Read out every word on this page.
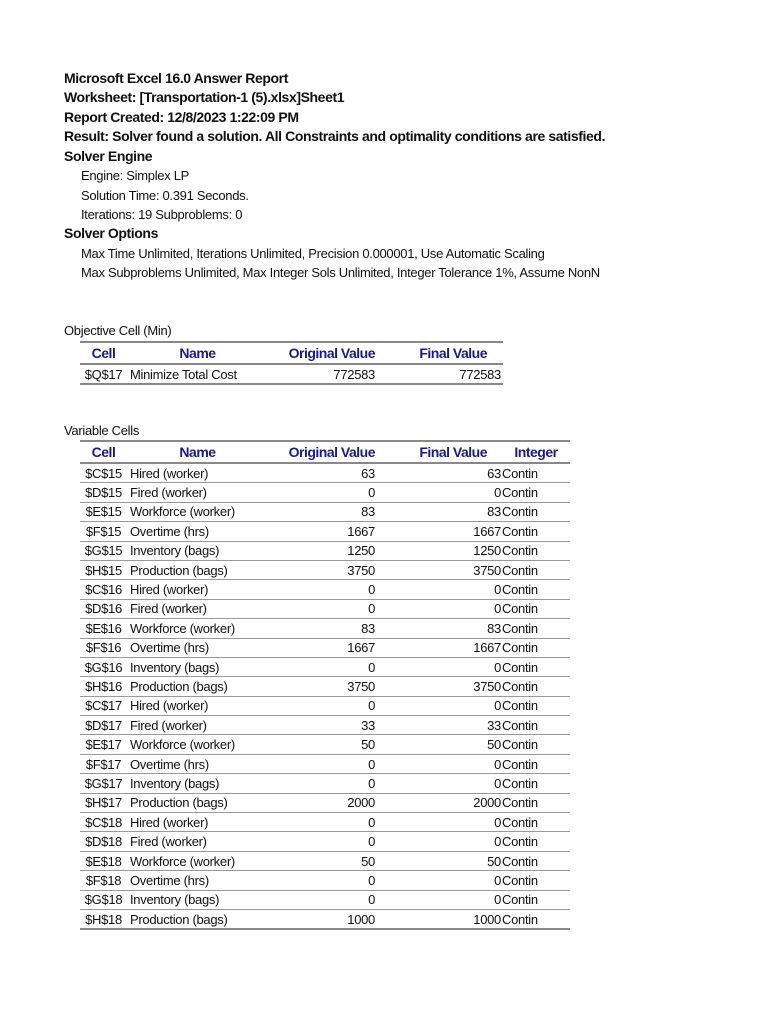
Microsoft Excel 16.0 Answer Report
Worksheet: [Transportation-1 (5).xlsx]Sheet1
Report Created: 12/8/2023 1:22:09 PM
Result: Solver found a solution. All Constraints and optimality conditions are satisfied.
Solver Engine
Engine: Simplex LP
Solution Time: 0.391 Seconds.
Iterations: 19 Subproblems: 0
Solver Options
Max Time Unlimited, Iterations Unlimited, Precision 0.000001, Use Automatic Scaling
Max Subproblems Unlimited, Max Integer Sols Unlimited, Integer Tolerance 1%, Assume NonN
Objective Cell (Min)
Cell	Name	Original Value	Final Value
$Q$17	Minimize Total Cost	772583	772583
Variable Cells
Cell	Name	Original Value	Final Value	Integer
$C$15	Hired (worker)	63	63	Contin
$D$15	Fired (worker)	0	0	Contin
$E$15	Workforce (worker)	83	83	Contin
$F$15	Overtime (hrs)	1667	1667	Contin
$G$15	Inventory (bags)	1250	1250	Contin
$H$15	Production (bags)	3750	3750	Contin
$C$16	Hired (worker)	0	0	Contin
$D$16	Fired (worker)	0	0	Contin
$E$16	Workforce (worker)	83	83	Contin
$F$16	Overtime (hrs)	1667	1667	Contin
$G$16	Inventory (bags)	0	0	Contin
$H$16	Production (bags)	3750	3750	Contin
$C$17	Hired (worker)	0	0	Contin
$D$17	Fired (worker)	33	33	Contin
$E$17	Workforce (worker)	50	50	Contin
$F$17	Overtime (hrs)	0	0	Contin
$G$17	Inventory (bags)	0	0	Contin
$H$17	Production (bags)	2000	2000	Contin
$C$18	Hired (worker)	0	0	Contin
$D$18	Fired (worker)	0	0	Contin
$E$18	Workforce (worker)	50	50	Contin
$F$18	Overtime (hrs)	0	0	Contin
$G$18	Inventory (bags)	0	0	Contin
$H$18	Production (bags)	1000	1000	Contin
